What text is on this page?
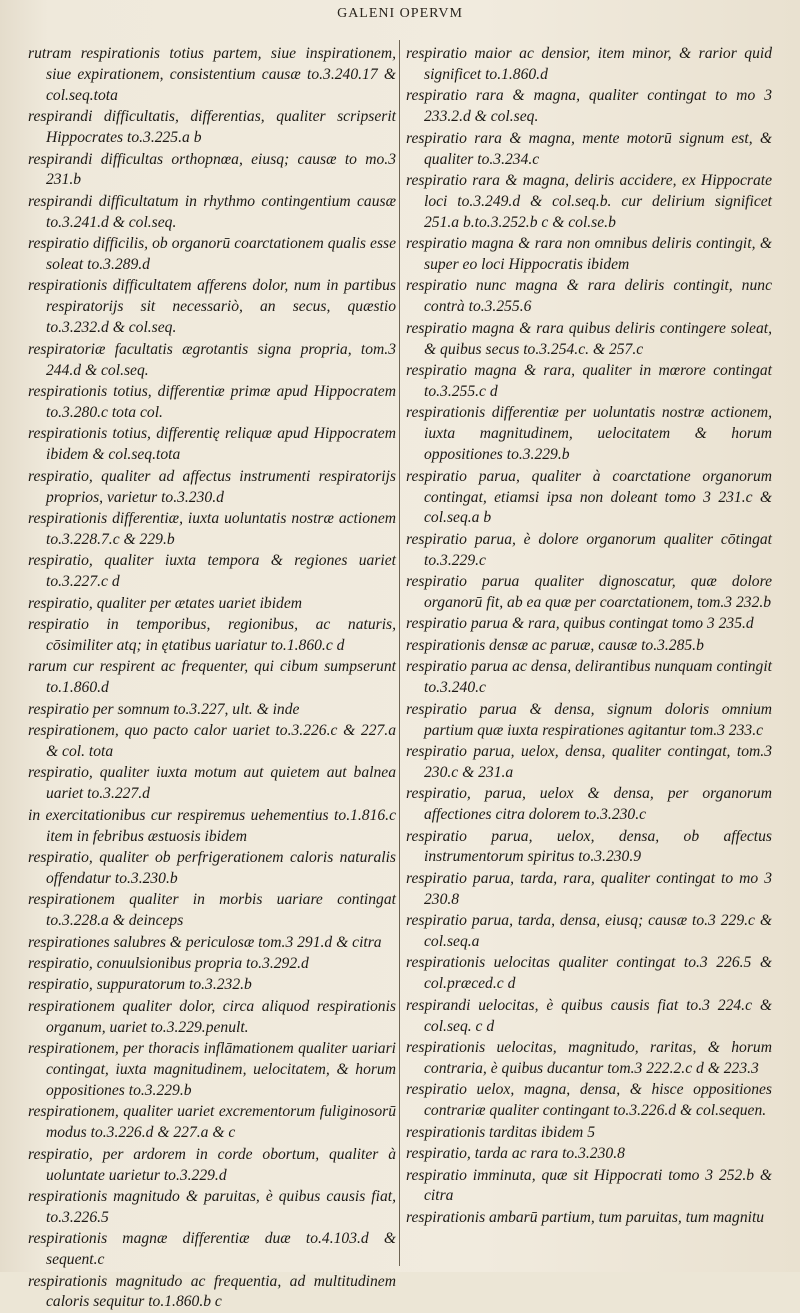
GALENI OPERVM

rutram respirationis totius partem, siue inspirationem, siue expirationem, consistentium causæ to.3.240.17 & col.seq.tota

respirandi difficultatis, differentias, qualiter scripserit Hippocrates to.3.225.a b

respirandi difficultas orthopnœa, eiusq; causæ to mo.3 231.b

respirandi difficultatum in rhythmo contingentium causæ to.3.241.d & col.seq.

respiratio difficilis, ob organorū coarctationem qualis esse soleat to.3.289.d

respirationis difficultatem afferens dolor, num in partibus respiratorijs sit necessariò, an secus, quæstio to.3.232.d & col.seq.

respiratoriæ facultatis ægrotantis signa propria, tom.3 244.d & col.seq.

respirationis totius, differentiæ primæ apud Hippocratem to.3.280.c tota col.

respirationis totius, differentię reliquæ apud Hippocratem ibidem & col.seq.tota

respiratio, qualiter ad affectus instrumenti respiratorijs proprios, varietur to.3.230.d

respirationis differentiæ, iuxta uoluntatis nostræ actionem to.3.228.7.c & 229.b

respiratio, qualiter iuxta tempora & regiones uariet to.3.227.c d

respiratio, qualiter per ætates uariet ibidem

respiratio in temporibus, regionibus, ac naturis, cōsimiliter atq; in ętatibus uariatur to.1.860.c d

rarum cur respirent ac frequenter, qui cibum sumpserunt to.1.860.d

respiratio per somnum to.3.227, ult. & inde

respirationem, quo pacto calor uariet to.3.226.c & 227.a & col. tota

respiratio, qualiter iuxta motum aut quietem aut balnea uariet to.3.227.d

in exercitationibus cur respiremus uehementius to.1.816.c item in febribus æstuosis ibidem

respiratio, qualiter ob perfrigerationem caloris naturalis offendatur to.3.230.b

respirationem qualiter in morbis uariare contingat to.3.228.a & deinceps

respirationes salubres & periculosæ tom.3 291.d & citra

respiratio, conuulsionibus propria to.3.292.d

respiratio, suppuratorum to.3.232.b

respirationem qualiter dolor, circa aliquod respirationis organum, uariet to.3.229.penult.

respirationem, per thoracis inflāmationem qualiter uariari contingat, iuxta magnitudinem, uelocitatem, & horum oppositiones to.3.229.b

respirationem, qualiter uariet excrementorum fuliginosorū modus to.3.226.d & 227.a & c

respiratio, per ardorem in corde obortum, qualiter à uoluntate uarietur to.3.229.d

respirationis magnitudo & paruitas, è quibus causis fiat, to.3.226.5

respirationis magnæ differentiæ duæ to.4.103.d & sequent.c

respirationis magnitudo ac frequentia, ad multitudinem caloris sequitur to.1.860.b c

respiratio maior ac densior, item minor, & rarior quid significet to.1.860.d

respiratio rara & magna, qualiter contingat to mo 3 233.2.d & col.seq.

respiratio rara & magna, mente motorū signum est, & qualiter to.3.234.c

respiratio rara & magna, deliris accidere, ex Hippocrate loci to.3.249.d & col.seq.b. cur delirium significet 251.a b.to.3.252.b c & col.se.b

respiratio magna & rara non omnibus deliris contingit, & super eo loci Hippocratis ibidem

respiratio nunc magna & rara deliris contingit, nunc contrà to.3.255.6

respiratio magna & rara quibus deliris contingere soleat, & quibus secus to.3.254.c. & 257.c

respiratio magna & rara, qualiter in mœrore contingat to.3.255.c d

respirationis differentiæ per uoluntatis nostræ actionem, iuxta magnitudinem, uelocitatem & horum oppositiones to.3.229.b

respiratio parua, qualiter à coarctatione organorum contingat, etiamsi ipsa non doleant tomo 3 231.c & col.seq.a b

respiratio parua, è dolore organorum qualiter cōtingat to.3.229.c

respiratio parua qualiter dignoscatur, quæ dolore organorū fit, ab ea quæ per coarctationem, tom.3 232.b

respiratio parua & rara, quibus contingat tomo 3 235.d

respirationis densæ ac paruæ, causæ to.3.285.b

respiratio parua ac densa, delirantibus nunquam contingit to.3.240.c

respiratio parua & densa, signum doloris omnium partium quæ iuxta respirationes agitantur tom.3 233.c

respiratio parua, uelox, densa, qualiter contingat, tom.3 230.c & 231.a

respiratio, parua, uelox & densa, per organorum affectiones citra dolorem to.3.230.c

respiratio parua, uelox, densa, ob affectus instrumentorum spiritus to.3.230.9

respiratio parua, tarda, rara, qualiter contingat to mo 3 230.8

respiratio parua, tarda, densa, eiusq; causæ to.3 229.c & col.seq.a

respirationis uelocitas qualiter contingat to.3 226.5 & col.præced.c d

respirandi uelocitas, è quibus causis fiat to.3 224.c & col.seq. c d

respirationis uelocitas, magnitudo, raritas, & horum contraria, è quibus ducantur tom.3 222.2.c d & 223.3

respiratio uelox, magna, densa, & hisce oppositiones contrariæ qualiter contingant to.3.226.d & col.sequen.

respirationis tarditas ibidem 5

respiratio, tarda ac rara to.3.230.8

respiratio imminuta, quæ sit Hippocrati tomo 3 252.b & citra

respirationis ambarū partium, tum paruitas, tum magnitu
